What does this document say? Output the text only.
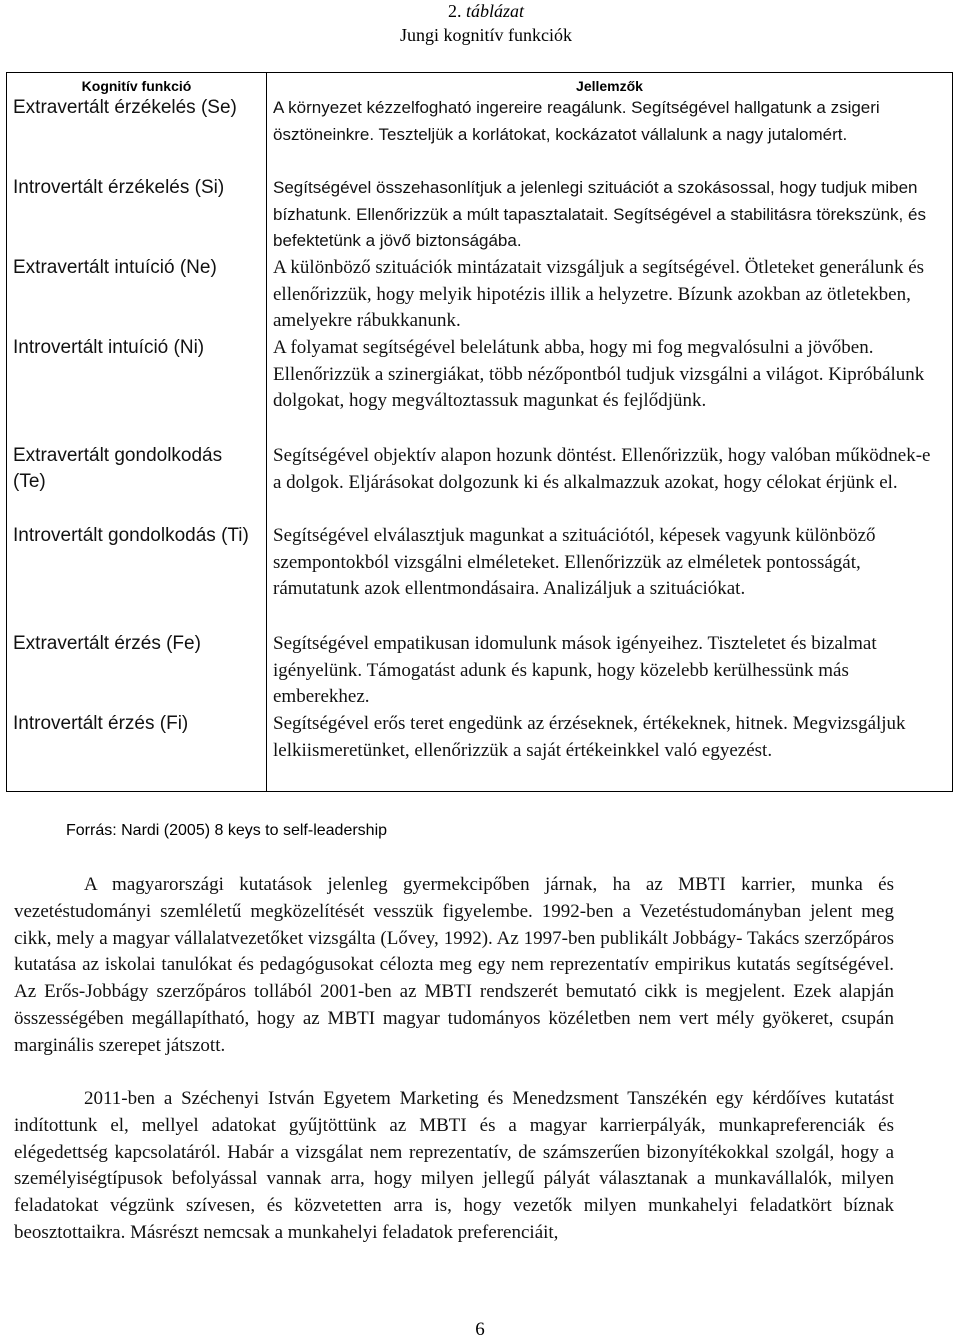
2. táblázat
Jungi kognitív funkciók
Kognitív funkció	Jellemzők
Extravertált érzékelés (Se)	A környezet kézzelfogható ingereire reagálunk. Segítségével hallgatunk a zsigeri ösztöneinkre. Teszteljük a korlátokat, kockázatot vállalunk a nagy jutalomért.
Introvertált érzékelés (Si)	Segítségével összehasonlítjuk a jelenlegi szituációt a szokásossal, hogy tudjuk miben bízhatunk. Ellenőrizzük a múlt tapasztalatait. Segítségével a stabilitásra törekszünk, és befektetünk a jövő biztonságába.
Extravertált intuíció (Ne)	A különböző szituációk mintázatait vizsgáljuk a segítségével. Ötleteket generálunk és ellenőrizzük, hogy melyik hipotézis illik a helyzetre. Bízunk azokban az ötletekben, amelyekre rábukkanunk.
Introvertált intuíció (Ni)	A folyamat segítségével belelátunk abba, hogy mi fog megvalósulni a jövőben. Ellenőrizzük a szinergiákat, több nézőpontból tudjuk vizsgálni a világot. Kipróbálunk dolgokat, hogy megváltoztassuk magunkat és fejlődjünk.
Extravertált gondolkodás (Te)	Segítségével objektív alapon hozunk döntést. Ellenőrizzük, hogy valóban működnek-e a dolgok. Eljárásokat dolgozunk ki és alkalmazzuk azokat, hogy célokat érjünk el.
Introvertált gondolkodás (Ti)	Segítségével elválasztjuk magunkat a szituációtól, képesek vagyunk különböző szempontokból vizsgálni elméleteket. Ellenőrizzük az elméletek pontosságát, rámutatunk azok ellentmondásaira. Analizáljuk a szituációkat.
Extravertált érzés (Fe)	Segítségével empatikusan idomulunk mások igényeihez. Tiszteletet és bizalmat igényelünk. Támogatást adunk és kapunk, hogy közelebb kerülhessünk más emberekhez.
Introvertált érzés (Fi)	Segítségével erős teret engedünk az érzéseknek, értékeknek, hitnek. Megvizsgáljuk lelkiismeretünket, ellenőrizzük a saját értékeinkkel való egyezést.
Forrás: Nardi (2005) 8 keys to self-leadership

A magyarországi kutatások jelenleg gyermekcipőben járnak, ha az MBTI karrier, munka és vezetéstudományi szemléletű megközelítését vesszük figyelembe. 1992-ben a Vezetéstudományban jelent meg cikk, mely a magyar vállalatvezetőket vizsgálta (Lővey, 1992). Az 1997-ben publikált Jobbágy- Takács szerzőpáros kutatása az iskolai tanulókat és pedagógusokat célozta meg egy nem reprezentatív empirikus kutatás segítségével. Az Erős-Jobbágy szerzőpáros tollából 2001-ben az MBTI rendszerét bemutató cikk is megjelent. Ezek alapján összességében megállapítható, hogy az MBTI magyar tudományos közéletben nem vert mély gyökeret, csupán marginális szerepet játszott.

2011-ben a Széchenyi István Egyetem Marketing és Menedzsment Tanszékén egy kérdőíves kutatást indítottunk el, mellyel adatokat gyűjtöttünk az MBTI és a magyar karrierpályák, munkapreferenciák és elégedettség kapcsolatáról. Habár a vizsgálat nem reprezentatív, de számszerűen bizonyítékokkal szolgál, hogy a személyiségtípusok befolyással vannak arra, hogy milyen jellegű pályát választanak a munkavállalók, milyen feladatokat végzünk szívesen, és közvetetten arra is, hogy vezetők milyen munkahelyi feladatkört bíznak beosztottaikra. Másrészt nemcsak a munkahelyi feladatok preferenciáit,

6
